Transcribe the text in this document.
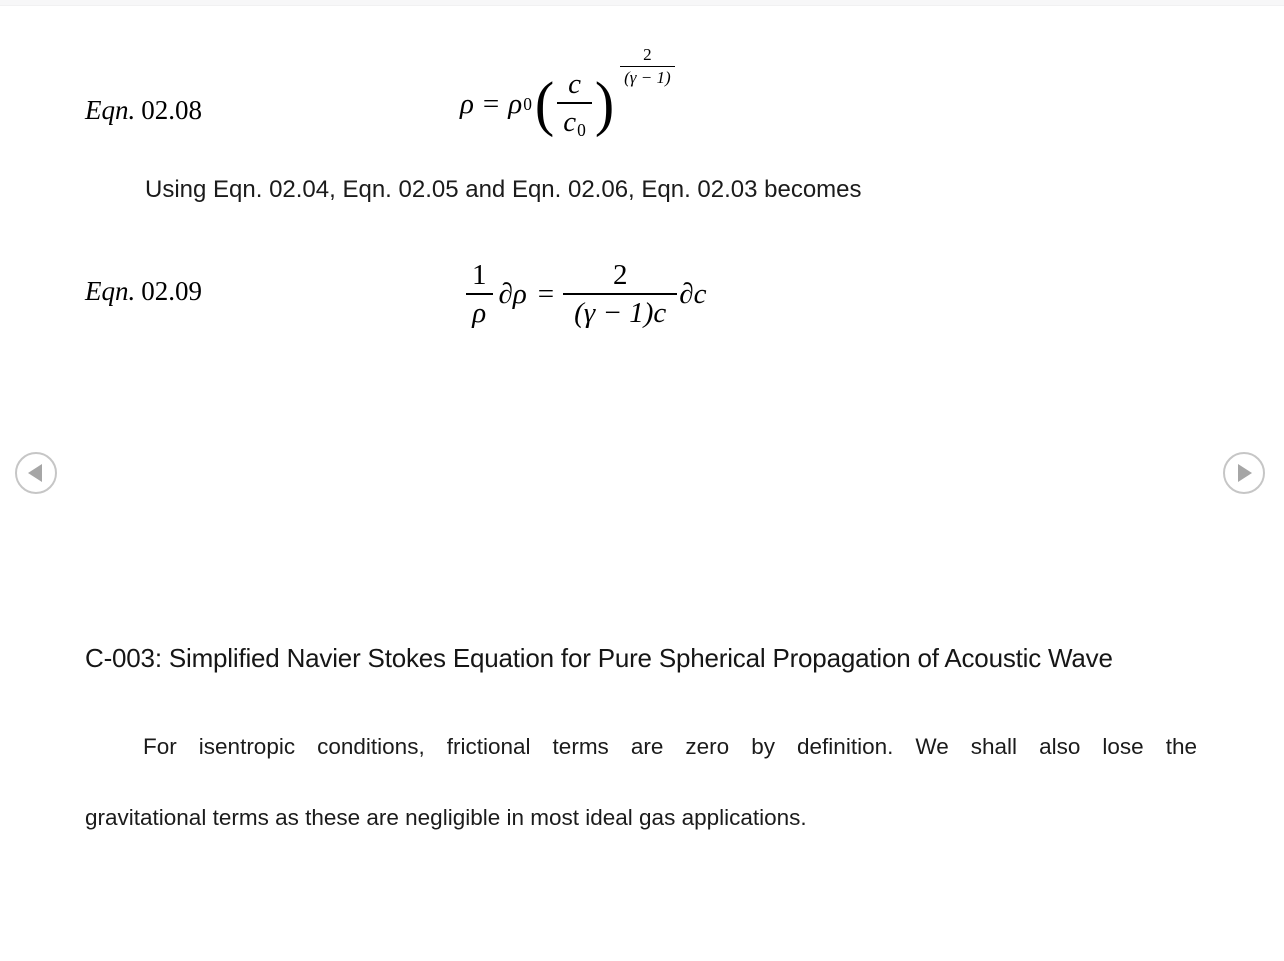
Eqn. 02.08	ρ = ρ 0 ( $\frac{c}{c0}$ )
$\frac{2}{(\gamma - 1)}$
Using Eqn. 02.04, Eqn. 02.05 and Eqn. 02.06, Eqn. 02.03 becomes
Eqn. 02.09	$\frac{1}{\rho} \partial\rho = \frac{2}{(\gamma - 1)c} \partial c$
C-003: Simplified Navier Stokes Equation for Pure Spherical Propagation of Acoustic Wave
For isentropic conditions, frictional terms are zero by definition. We shall also lose the
gravitational terms as these are negligible in most ideal gas applications.
